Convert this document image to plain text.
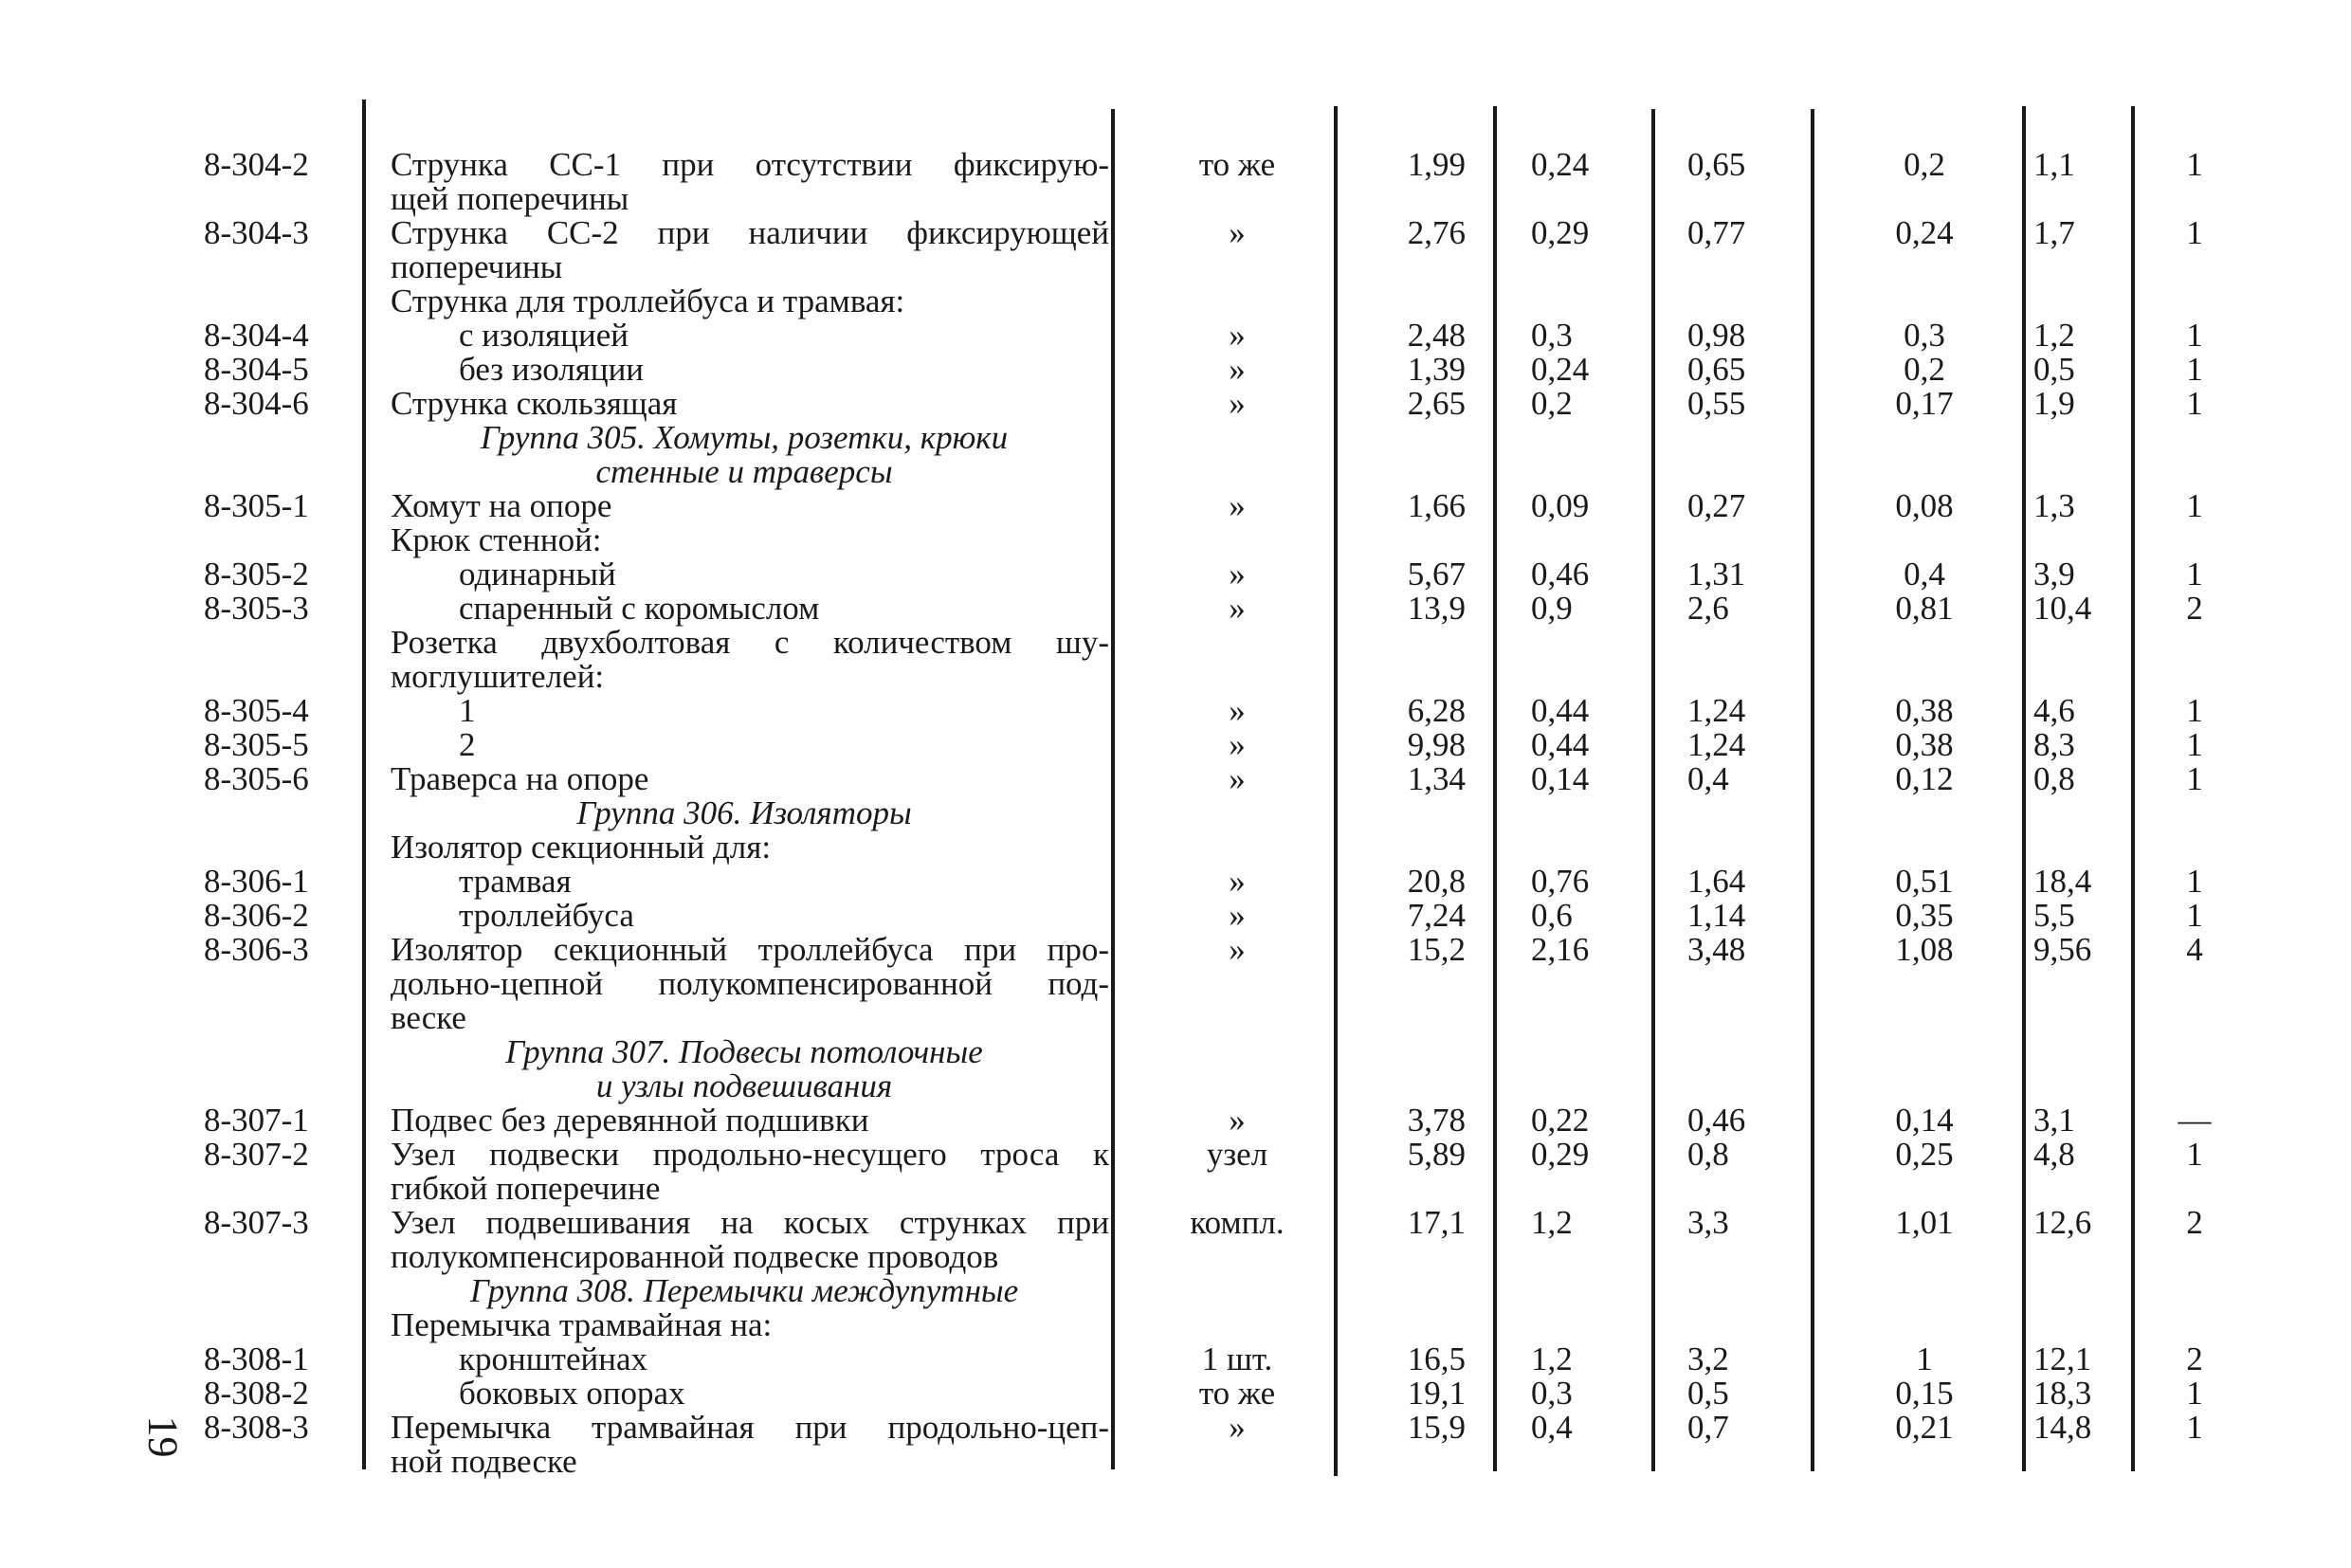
8-304-2 Струнка СС-1 при отсутствии фиксирую-
щей поперечины
то же	1,99 0,24	0,65	0,2	1,1	1
8-304-3 Струнка СС-2 при наличии фиксирующей
поперечины
»	2,76 0,29	0,77	0,24	1,7	1
Струнка для троллейбуса и трамвая:
8-304-4	с изоляцией	»	2,48 0,3	0,98	0,3	1,2	1
8-304-5	без изоляции	»	1,39 0,24	0,65	0,2	0,5	1
8-304-6 Струнка скользящая	»	2,65 0,2	0,55	0,17	1,9	1
Группа 305. Хомуты, розетки, крюки
стенные и траверсы
8-305-1 Хомут на опоре	»	1,66 0,09	0,27	0,08	1,3	1
Крюк стенной:
8-305-2	одинарный	»	5,67 0,46	1,31	0,4	3,9	1
8-305-3	спаренный с коромыслом	»	13,9 0,9	2,6	0,81	10,4	2
Розетка двухболтовая с количеством шу-
моглушителей:
8-305-4	1	»	6,28 0,44	1,24	0,38	4,6	1
8-305-5	2	»	9,98 0,44	1,24	0,38	8,3	1
8-305-6 Траверса на опоре	»	1,34 0,14	0,4	0,12	0,8	1
Группа 306. Изоляторы
Изолятор секционный для:
8-306-1	трамвая	»	20,8 0,76	1,64	0,51	18,4	1
8-306-2	троллейбуса	»	7,24 0,6	1,14	0,35	5,5	1
8-306-3 Изолятор секционный троллейбуса при про-
дольно-цепной полукомпенсированной под-
веске
»	15,2 2,16	3,48	1,08	9,56	4
Группа 307. Подвесы потолочные
и узлы подвешивания
8-307-1 Подвес без деревянной подшивки	»	3,78 0,22	0,46	0,14	3,1	—
8-307-2 Узел подвески продольно-несущего троса к
гибкой поперечине
узел	5,89 0,29	0,8	0,25	4,8	1
8-307-3 Узел подвешивания на косых струнках при
полукомпенсированной подвеске проводов
компл.	17,1 1,2	3,3	1,01	12,6	2
Группа 308. Перемычки междупутные
Перемычка трамвайная на:
8-308-1	кронштейнах	1 шт.	16,5 1,2	3,2	1	12,1	2
8-308-2	боковых опорах	то же	19,1 0,3	0,5	0,15	18,3	1
8-308-3 Перемычка трамвайная при продольно-цеп-
ной подвеске
»	15,9 0,4	0,7	0,21	14,8	1
19
